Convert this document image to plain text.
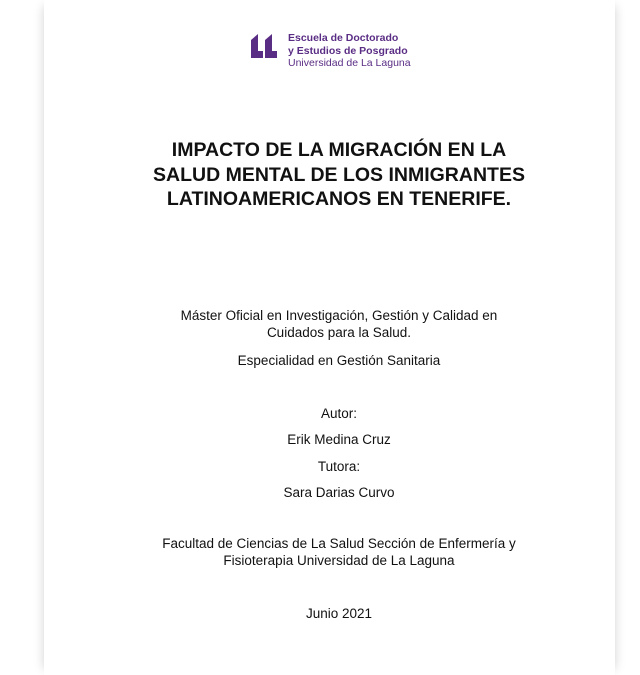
Escuela de Doctorado
y Estudios de Posgrado
Universidad de La Laguna
IMPACTO DE LA MIGRACIÓN EN LA SALUD MENTAL DE LOS INMIGRANTES LATINOAMERICANOS EN TENERIFE.
Máster Oficial en Investigación, Gestión y Calidad en
Cuidados para la Salud.
Especialidad en Gestión Sanitaria
Autor:
Erik Medina Cruz
Tutora:
Sara Darias Curvo
Facultad de Ciencias de La Salud Sección de Enfermería y
Fisioterapia Universidad de La Laguna
Junio 2021
